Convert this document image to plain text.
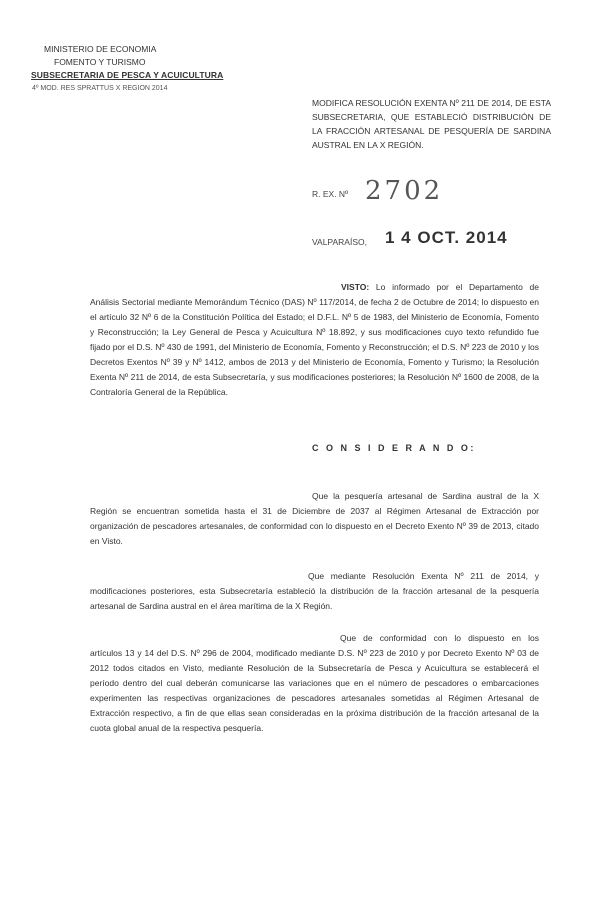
MINISTERIO DE ECONOMIA
FOMENTO Y TURISMO
SUBSECRETARIA DE PESCA Y ACUICULTURA
4º MOD. RES SPRATTUS X REGION 2014
MODIFICA RESOLUCIÓN EXENTA Nº 211 DE 2014, DE ESTA SUBSECRETARIA, QUE ESTABLECIÓ DISTRIBUCIÓN DE LA FRACCIÓN ARTESANAL DE PESQUERÍA DE SARDINA AUSTRAL EN LA X REGIÓN.
R. EX. Nº 2702
VALPARAÍSO, 1 4 OCT. 2014
VISTO: Lo informado por el Departamento de Análisis Sectorial mediante Memorándum Técnico (DAS) Nº 117/2014, de fecha 2 de Octubre de 2014; lo dispuesto en el artículo 32 Nº 6 de la Constitución Política del Estado; el D.F.L. Nº 5 de 1983, del Ministerio de Economía, Fomento y Reconstrucción; la Ley General de Pesca y Acuicultura Nº 18.892, y sus modificaciones cuyo texto refundido fue fijado por el D.S. Nº 430 de 1991, del Ministerio de Economía, Fomento y Reconstrucción; el D.S. Nº 223 de 2010 y los Decretos Exentos Nº 39 y Nº 1412, ambos de 2013 y del Ministerio de Economía, Fomento y Turismo; la Resolución Exenta Nº 211 de 2014, de esta Subsecretaría, y sus modificaciones posteriores; la Resolución Nº 1600 de 2008, de la Contraloría General de la República.
C O N S I D E R A N D O:
Que la pesquería artesanal de Sardina austral de la X Región se encuentran sometida hasta el 31 de Diciembre de 2037 al Régimen Artesanal de Extracción por organización de pescadores artesanales, de conformidad con lo dispuesto en el Decreto Exento Nº 39 de 2013, citado en Visto.
Que mediante Resolución Exenta Nº 211 de 2014, y modificaciones posteriores, esta Subsecretaría estableció la distribución de la fracción artesanal de la pesquería artesanal de Sardina austral en el área marítima de la X Región.
Que de conformidad con lo dispuesto en los artículos 13 y 14 del D.S. Nº 296 de 2004, modificado mediante D.S. Nº 223 de 2010 y por Decreto Exento Nº 03 de 2012 todos citados en Visto, mediante Resolución de la Subsecretaría de Pesca y Acuicultura se establecerá el período dentro del cual deberán comunicarse las variaciones que en el número de pescadores o embarcaciones experimenten las respectivas organizaciones de pescadores artesanales sometidas al Régimen Artesanal de Extracción respectivo, a fin de que ellas sean consideradas en la próxima distribución de la fracción artesanal de la cuota global anual de la respectiva pesquería.
